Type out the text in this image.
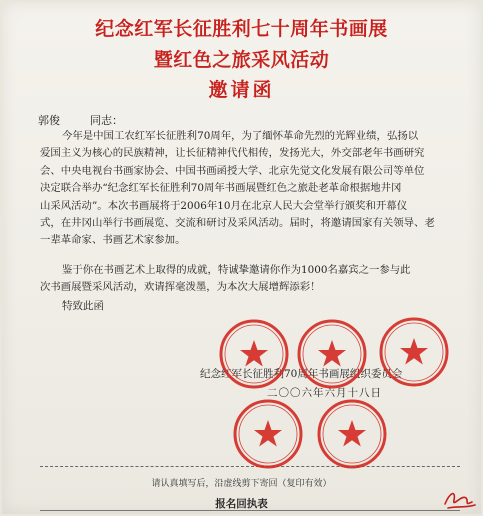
纪念红军长征胜利七十周年书画展
暨红色之旅采风活动
邀请函
郭俊	同志：
今年是中国工农红军长征胜利70周年，为了缅怀革命先烈的光辉业绩，弘扬以
爱国主义为核心的民族精神，让长征精神代代相传，发扬光大，外交部老年书画研究
会、中央电视台书画家协会、中国书画函授大学、北京先觉文化发展有限公司等单位
决定联合举办“纪念红军长征胜利70周年书画展暨红色之旅赴老革命根据地井冈
山采风活动”。本次书画展将于2006年10月在北京人民大会堂举行颁奖和开幕仪
式，在井冈山举行书画展览、交流和研讨及采风活动。届时，将邀请国家有关领导、老
一辈革命家、书画艺术家参加。
鉴于你在书画艺术上取得的成就，特诚挚邀请你作为1000名嘉宾之一参与此
次书画展暨采风活动，欢请挥毫泼墨，为本次大展增辉添彩！
特致此函
纪念红军长征胜利70周年书画展组织委员会
二〇〇六年六月十八日
请认真填写后，沿虚线剪下寄回（复印有效）
报名回执表
